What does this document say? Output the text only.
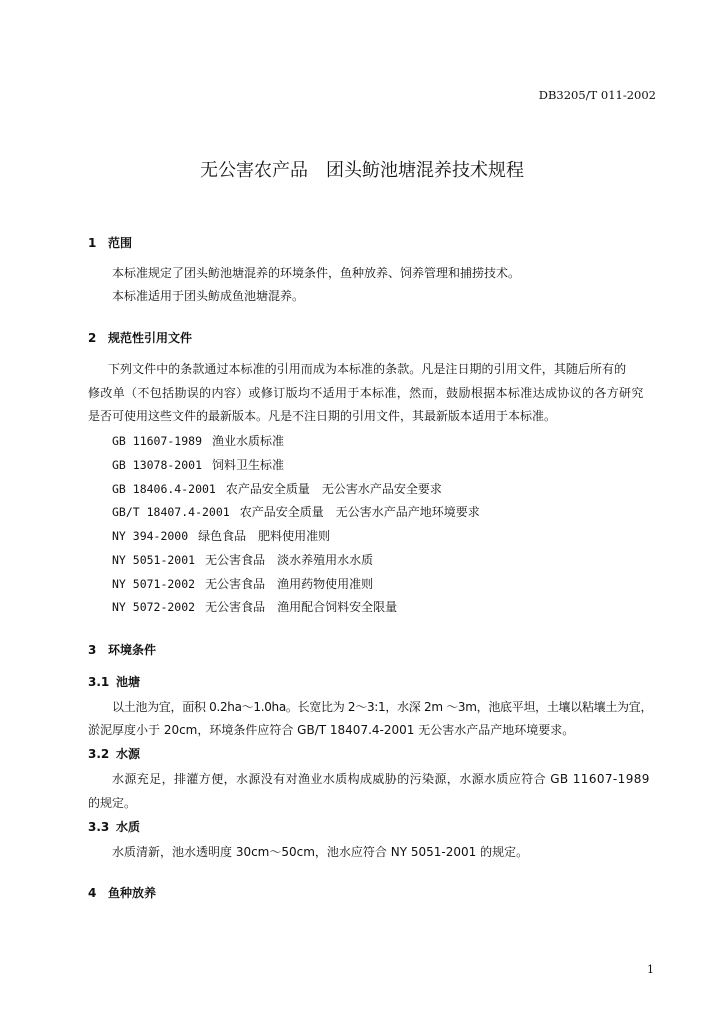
DB3205/T 011-2002
无公害农产品　团头鲂池塘混养技术规程
1 范围
本标准规定了团头鲂池塘混养的环境条件，鱼种放养、饲养管理和捕捞技术。
本标准适用于团头鲂成鱼池塘混养。
2 规范性引用文件
下列文件中的条款通过本标准的引用而成为本标准的条款。凡是注日期的引用文件，其随后所有的
修改单（不包括勘误的内容）或修订版均不适用于本标准，然而，鼓励根据本标准达成协议的各方研究
是否可使用这些文件的最新版本。凡是不注日期的引用文件，其最新版本适用于本标准。
GB 11607-1989 渔业水质标准
GB 13078-2001 饲料卫生标准
GB 18406.4-2001 农产品安全质量　无公害水产品安全要求
GB/T 18407.4-2001 农产品安全质量　无公害水产品产地环境要求
NY 394-2000 绿色食品　肥料使用准则
NY 5051-2001 无公害食品　淡水养殖用水水质
NY 5071-2002 无公害食品　渔用药物使用准则
NY 5072-2002 无公害食品　渔用配合饲料安全限量
3 环境条件
3.1 池塘
以土池为宜，面积 0.2ha～1.0ha。长宽比为 2～3:1，水深 2m ～3m，池底平坦，土壤以粘壤土为宜，
淤泥厚度小于 20cm，环境条件应符合 GB/T 18407.4-2001 无公害水产品产地环境要求。
3.2 水源
水源充足，排灌方便，水源没有对渔业水质构成威胁的污染源，水源水质应符合 GB 11607-1989
的规定。
3.3 水质
水质清新，池水透明度 30cm～50cm，池水应符合 NY 5051-2001 的规定。
4 鱼种放养
1
